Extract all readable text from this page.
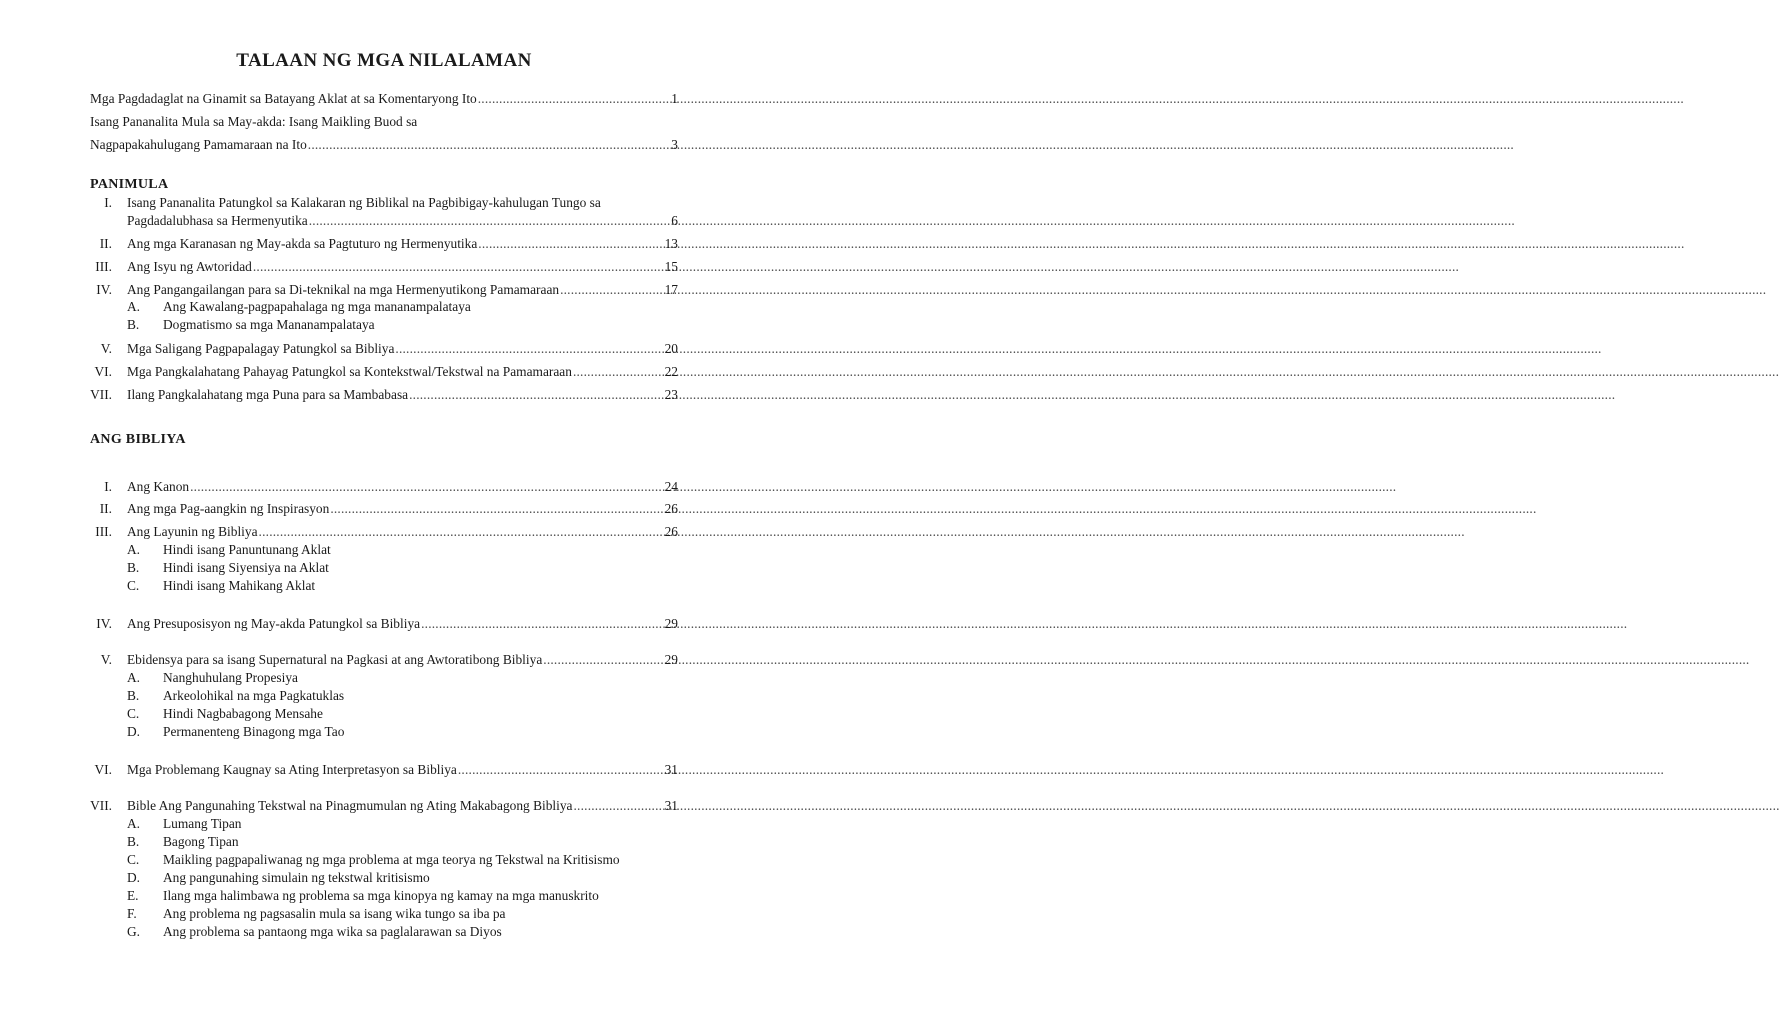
TALAAN NG MGA NILALAMAN
Mga Pagdadaglat na Ginamit sa Batayang Aklat at sa Komentaryong Ito .....	1
Isang Pananalita Mula sa May-akda: Isang Maikling Buod sa
Nagpapakahulugang Pamamaraan na Ito .....	3
PANIMULA
I. Isang Pananalita Patungkol sa Kalakaran ng Biblikal na Pagbibigay-kahulugan Tungo sa
Pagdadalubhasa sa Hermenyutika .....	6
II. Ang mga Karanasan ng May-akda sa Pagtuturo ng Hermenyutika .....	13
III. Ang Isyu ng Awtoridad .....	15
IV. Ang Pangangailangan para sa Di-teknikal na mga Hermenyutikong Pamamaraan .....	17
A. Ang Kawalang-pagpapahalaga ng mga mananampalataya
B. Dogmatismo sa mga Mananampalataya
V. Mga Saligang Pagpapalagay Patungkol sa Bibliya .....	20
VI. Mga Pangkalahatang Pahayag Patungkol sa Kontekstwal/Tekstwal na Pamamaraan .....	22
VII. Ilang Pangkalahatang mga Puna para sa Mambabasa .....	23
ANG BIBLIYA
I. Ang Kanon .....	24
II. Ang mga Pag-aangkin ng Inspirasyon .....	26
III. Ang Layunin ng Bibliya .....	26
A. Hindi isang Panuntunang Aklat
B. Hindi isang Siyensiya na Aklat
C. Hindi isang Mahikang Aklat
IV. Ang Presuposisyon ng May-akda Patungkol sa Bibliya .....	29
V. Ebidensya para sa isang Supernatural na Pagkasi at ang Awtoratibong Bibliya .....	29
A. Nanghuhulang Propesiya
B. Arkeolohikal na mga Pagkatuklas
C. Hindi Nagbabagong Mensahe
D. Permanenteng Binagong mga Tao
VI. Mga Problemang Kaugnay sa Ating Interpretasyon sa Bibliya .....	31
VII. Bible Ang Pangunahing Tekstwal na Pinagmumulan ng Ating Makabagong Bibliya .....	31
A. Lumang Tipan
B. Bagong Tipan
C. Maikling pagpapaliwanag ng mga problema at mga teorya ng Tekstwal na Kritisismo
D. Ang pangunahing simulain ng tekstwal kritisismo
E. Ilang mga halimbawa ng problema sa mga kinopya ng kamay na mga manuskrito
F. Ang problema ng pagsasalin mula sa isang wika tungo sa iba pa
G. Ang problema sa pantaong mga wika sa paglalarawan sa Diyos
